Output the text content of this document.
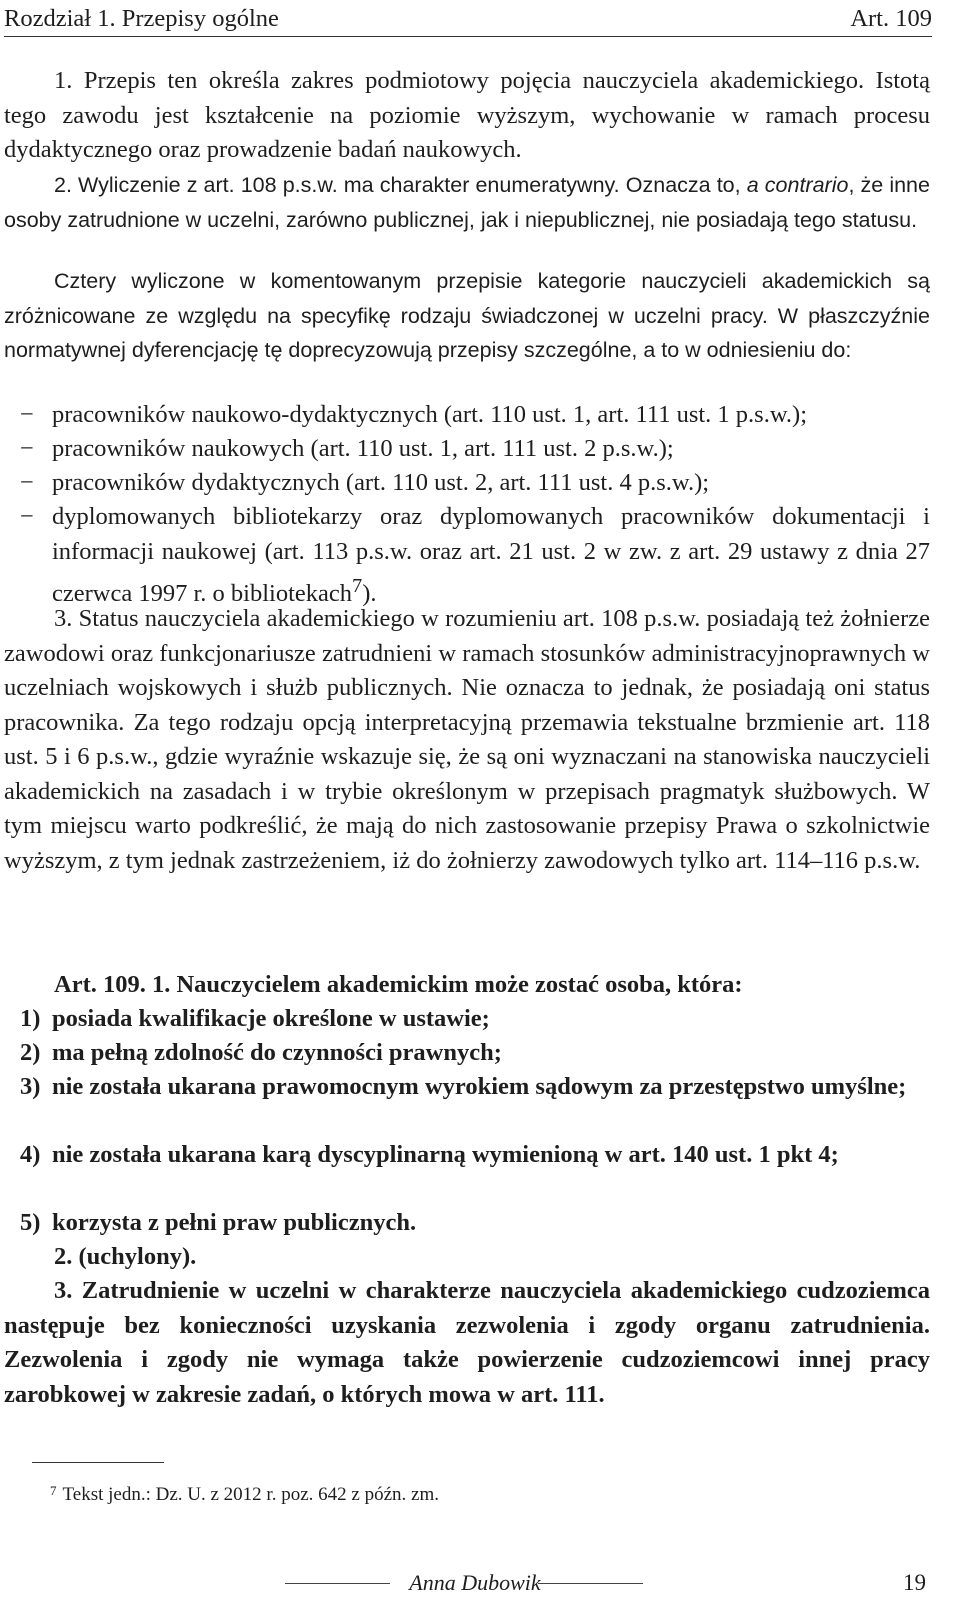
Rozdział 1. Przepisy ogólne	Art. 109

1. Przepis ten określa zakres podmiotowy pojęcia nauczyciela akademickiego. Istotą tego zawodu jest kształcenie na poziomie wyższym, wychowanie w ramach procesu dydaktycznego oraz prowadzenie badań naukowych.

2. Wyliczenie z art. 108 p.s.w. ma charakter enumeratywny. Oznacza to, a contrario, że inne osoby zatrudnione w uczelni, zarówno publicznej, jak i niepublicznej, nie posiadają tego statusu.

Cztery wyliczone w komentowanym przepisie kategorie nauczycieli akademickich są zróżnicowane ze względu na specyfikę rodzaju świadczonej w uczelni pracy. W płaszczyźnie normatywnej dyferencjację tę doprecyzowują przepisy szczególne, a to w odniesieniu do:

− pracowników naukowo-dydaktycznych (art. 110 ust. 1, art. 111 ust. 1 p.s.w.);
− pracowników naukowych (art. 110 ust. 1, art. 111 ust. 2 p.s.w.);
− pracowników dydaktycznych (art. 110 ust. 2, art. 111 ust. 4 p.s.w.);
− dyplomowanych bibliotekarzy oraz dyplomowanych pracowników dokumentacji i informacji naukowej (art. 113 p.s.w. oraz art. 21 ust. 2 w zw. z art. 29 ustawy z dnia 27 czerwca 1997 r. o bibliotekach$^7$).

3. Status nauczyciela akademickiego w rozumieniu art. 108 p.s.w. posiadają też żołnierze zawodowi oraz funkcjonariusze zatrudnieni w ramach stosunków administracyjnoprawnych w uczelniach wojskowych i służb publicznych. Nie oznacza to jednak, że posiadają oni status pracownika. Za tego rodzaju opcją interpretacyjną przemawia tekstualne brzmienie art. 118 ust. 5 i 6 p.s.w., gdzie wyraźnie wskazuje się, że są oni wyznaczani na stanowiska nauczycieli akademickich na zasadach i w trybie określonym w przepisach pragmatyk służbowych. W tym miejscu warto podkreślić, że mają do nich zastosowanie przepisy Prawa o szkolnictwie wyższym, z tym jednak zastrzeżeniem, iż do żołnierzy zawodowych tylko art. 114–116 p.s.w.

Art. 109. 1. Nauczycielem akademickim może zostać osoba, która:

1) posiada kwalifikacje określone w ustawie;
2) ma pełną zdolność do czynności prawnych;
3) nie została ukarana prawomocnym wyrokiem sądowym za przestępstwo umyślne;
4) nie została ukarana karą dyscyplinarną wymienioną w art. 140 ust. 1 pkt 4;
5) korzysta z pełni praw publicznych.

2. (uchylony).

3. Zatrudnienie w uczelni w charakterze nauczyciela akademickiego cudzoziemca następuje bez konieczności uzyskania zezwolenia i zgody organu zatrudnienia. Zezwolenia i zgody nie wymaga także powierzenie cudzoziemcowi innej pracy zarobkowej w zakresie zadań, o których mowa w art. 111.

$^7$ Tekst jedn.: Dz. U. z 2012 r. poz. 642 z późn. zm.
Anna Dubowik	19
